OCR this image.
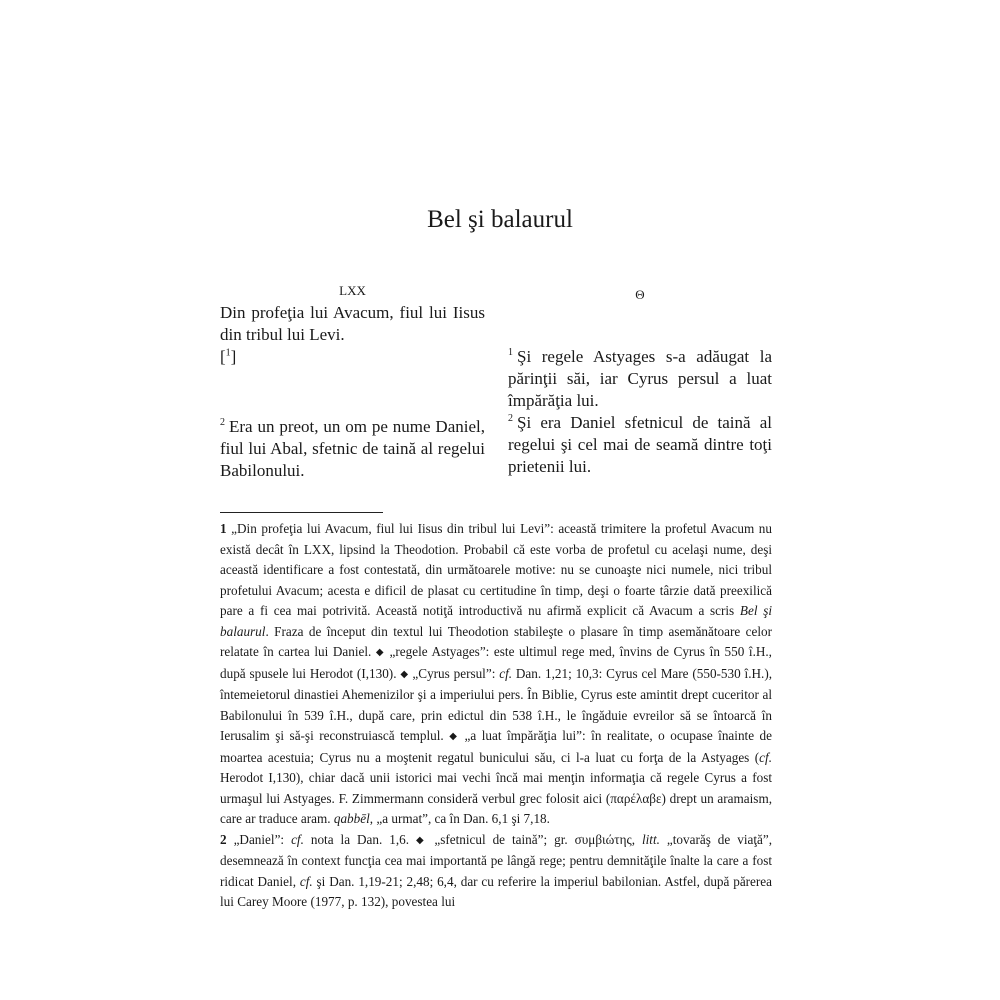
Bel şi balaurul
LXX

Din profeţia lui Avacum, fiul lui Iisus din tribul lui Levi.

[$^1$]

$^2$ Era un preot, un om pe nume Daniel, fiul lui Abal, sfetnic de taină al regelui Babilonului.

Θ

$^1$ Şi regele Astyages s-a adăugat la părinţii săi, iar Cyrus persul a luat împărăţia lui.

$^2$ Şi era Daniel sfetnicul de taină al regelui şi cel mai de seamă dintre toţi prietenii lui.

1 „Din profeţia lui Avacum, fiul lui Iisus din tribul lui Levi”: această trimitere la profetul Avacum nu există decât în LXX, lipsind la Theodotion. Probabil că este vorba de profetul cu acelaşi nume, deşi această identificare a fost contestată, din următoarele motive: nu se cunoaşte nici numele, nici tribul profetului Avacum; acesta e dificil de plasat cu certitudine în timp, deşi o foarte târzie dată preexilică pare a fi cea mai potrivită. Această notiţă introductivă nu afirmă explicit că Avacum a scris Bel şi balaurul. Fraza de început din textul lui Theodotion stabileşte o plasare în timp asemănătoare celor relatate în cartea lui Daniel. ◆ „regele Astyages”: este ultimul rege med, învins de Cyrus în 550 î.H., după spusele lui Herodot (I,130). ◆ „Cyrus persul”: cf. Dan. 1,21; 10,3: Cyrus cel Mare (550-530 î.H.), întemeietorul dinastiei Ahemenizilor şi a imperiului pers. În Biblie, Cyrus este amintit drept cuceritor al Babilonului în 539 î.H., după care, prin edictul din 538 î.H., le îngăduie evreilor să se întoarcă în Ierusalim şi să-şi reconstruiască templul. ◆ „a luat împărăţia lui”: în realitate, o ocupase înainte de moartea acestuia; Cyrus nu a moştenit regatul bunicului său, ci l-a luat cu forţa de la Astyages (cf. Herodot I,130), chiar dacă unii istorici mai vechi încă mai menţin informaţia că regele Cyrus a fost urmaşul lui Astyages. F. Zimmermann consideră verbul grec folosit aici (παρέλαβε) drept un aramaism, care ar traduce aram. qabbēl, „a urmat”, ca în Dan. 6,1 şi 7,18.

2 „Daniel”: cf. nota la Dan. 1,6. ◆ „sfetnicul de taină”; gr. συμβιώτης, litt. „tovarăş de viaţă”, desemnează în context funcţia cea mai importantă pe lângă rege; pentru demnităţile înalte la care a fost ridicat Daniel, cf. şi Dan. 1,19-21; 2,48; 6,4, dar cu referire la imperiul babilonian. Astfel, după părerea lui Carey Moore (1977, p. 132), povestea lui
